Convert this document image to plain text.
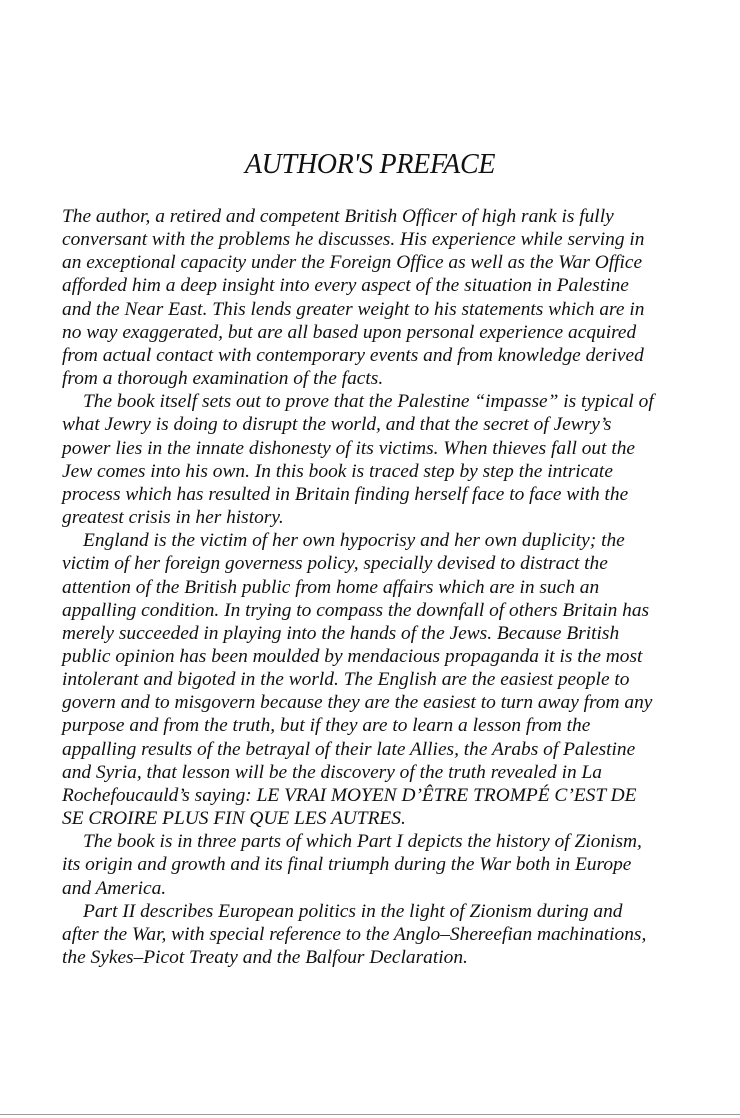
AUTHOR'S PREFACE
The author, a retired and competent British Officer of high rank is fully
conversant with the problems he discusses. His experience while serving in
an exceptional capacity under the Foreign Office as well as the War Office
afforded him a deep insight into every aspect of the situation in Palestine
and the Near East. This lends greater weight to his statements which are in
no way exaggerated, but are all based upon personal experience acquired
from actual contact with contemporary events and from knowledge derived
from a thorough examination of the facts.
The book itself sets out to prove that the Palestine “impasse” is typical of
what Jewry is doing to disrupt the world, and that the secret of Jewry’s
power lies in the innate dishonesty of its victims. When thieves fall out the
Jew comes into his own. In this book is traced step by step the intricate
process which has resulted in Britain finding herself face to face with the
greatest crisis in her history.
England is the victim of her own hypocrisy and her own duplicity; the
victim of her foreign governess policy, specially devised to distract the
attention of the British public from home affairs which are in such an
appalling condition. In trying to compass the downfall of others Britain has
merely succeeded in playing into the hands of the Jews. Because British
public opinion has been moulded by mendacious propaganda it is the most
intolerant and bigoted in the world. The English are the easiest people to
govern and to misgovern because they are the easiest to turn away from any
purpose and from the truth, but if they are to learn a lesson from the
appalling results of the betrayal of their late Allies, the Arabs of Palestine
and Syria, that lesson will be the discovery of the truth revealed in La
Rochefoucauld’s saying: LE VRAI MOYEN D’ÊTRE TROMPÉ C’EST DE
SE CROIRE PLUS FIN QUE LES AUTRES.
The book is in three parts of which Part I depicts the history of Zionism,
its origin and growth and its final triumph during the War both in Europe
and America.
Part II describes European politics in the light of Zionism during and
after the War, with special reference to the Anglo–Shereefian machinations,
the Sykes–Picot Treaty and the Balfour Declaration.
